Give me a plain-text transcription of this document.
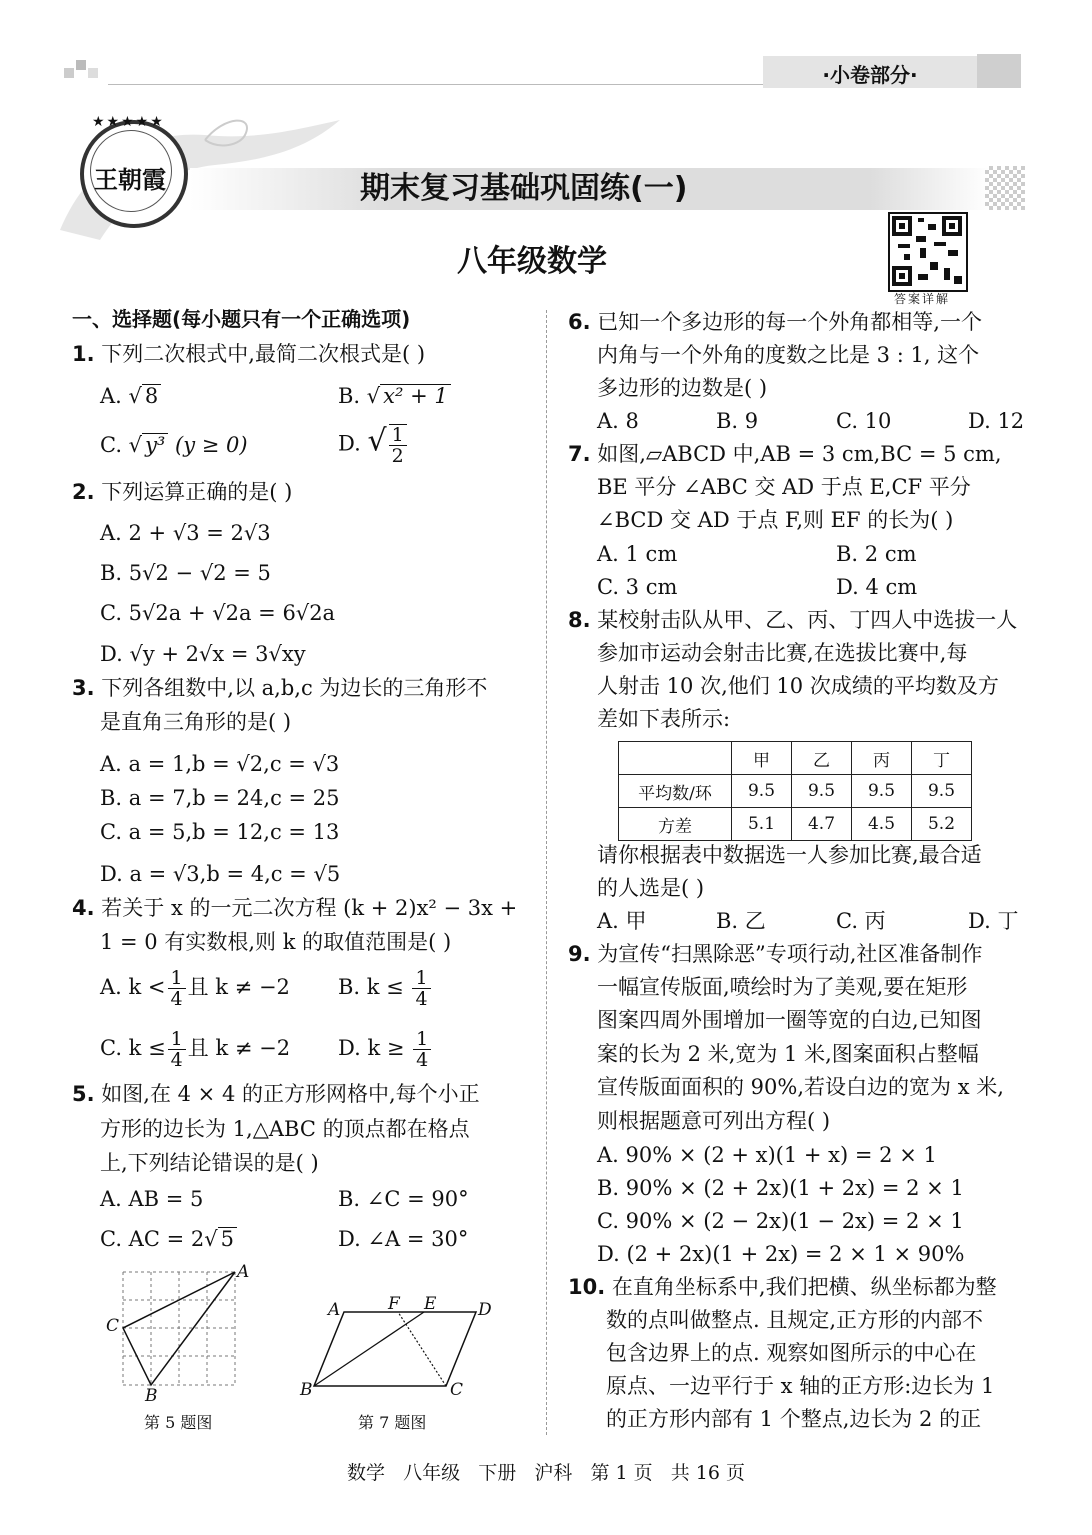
·小卷部分·
★★★★★
王朝霞	期末复习基础巩固练(一)
八年级数学
答案详解
一、选择题(每小题只有一个正确选项)
1. 下列二次根式中,最简二次根式是( )
A. √ 8	B. √ x² + 1
C. √ y³ (y ≥ 0)	D. √ $\frac{1}{2}$
2. 下列运算正确的是( )
A. 2 + √3 = 2√3
B. 5√2 − √2 = 5
C. 5√2a + √2a = 6√2a
D. √y + 2√x = 3√xy
3. 下列各组数中,以 a,b,c 为边长的三角形不
是直角三角形的是( )
A. a = 1,b = √2,c = √3
B. a = 7,b = 24,c = 25
C. a = 5,b = 12,c = 13
D. a = √3,b = 4,c = √5
4. 若关于 x 的一元二次方程 (k + 2)x² − 3x +
1 = 0 有实数根,则 k 的取值范围是( )
A. $k < \frac{1}{4}$ 且 k ≠ −2 B. $k \le \frac{1}{4}$
C. $k \le \frac{1}{4}$ 且 k ≠ −2 D. $k \ge \frac{1}{4}$
5. 如图,在 4 × 4 的正方形网格中,每个小正
方形的边长为 1,△ABC 的顶点都在格点
上,下列结论错误的是( )
A. AB = 5	B. ∠C = 90°
C. AC = 2√ 5	D. ∠A = 30°
A
C
B
第 5 题图
A	F E D
B	C
第 7 题图
6. 已知一个多边形的每一个外角都相等,一个
内角与一个外角的度数之比是 3 : 1, 这个
多边形的边数是( )
A. 8	B. 9	C. 10	D. 12
7. 如图,▱ABCD 中,AB = 3 cm,BC = 5 cm,
BE 平分 ∠ABC 交 AD 于点 E,CF 平分
∠BCD 交 AD 于点 F,则 EF 的长为( )
A. 1 cm	B. 2 cm
C. 3 cm	D. 4 cm
8. 某校射击队从甲、乙、丙、丁四人中选拔一人
参加市运动会射击比赛,在选拔比赛中,每
人射击 10 次,他们 10 次成绩的平均数及方
差如下表所示:
	甲	乙	丙	丁
平均数/环	9.5	9.5	9.5	9.5
方差	5.1	4.7	4.5	5.2
请你根据表中数据选一人参加比赛,最合适
的人选是( )
A. 甲	B. 乙	C. 丙	D. 丁
9. 为宣传“扫黑除恶”专项行动,社区准备制作
一幅宣传版面,喷绘时为了美观,要在矩形
图案四周外围增加一圈等宽的白边,已知图
案的长为 2 米,宽为 1 米,图案面积占整幅
宣传版面面积的 90%,若设白边的宽为 x 米,
则根据题意可列出方程( )
A. 90% × (2 + x)(1 + x) = 2 × 1
B. 90% × (2 + 2x)(1 + 2x) = 2 × 1
C. 90% × (2 − 2x)(1 − 2x) = 2 × 1
D. (2 + 2x)(1 + 2x) = 2 × 1 × 90%
10. 在直角坐标系中,我们把横、纵坐标都为整
数的点叫做整点. 且规定,正方形的内部不
包含边界上的点. 观察如图所示的中心在
原点、一边平行于 x 轴的正方形:边长为 1
的正方形内部有 1 个整点,边长为 2 的正
数学   八年级   下册   沪科   第 1 页   共 16 页
